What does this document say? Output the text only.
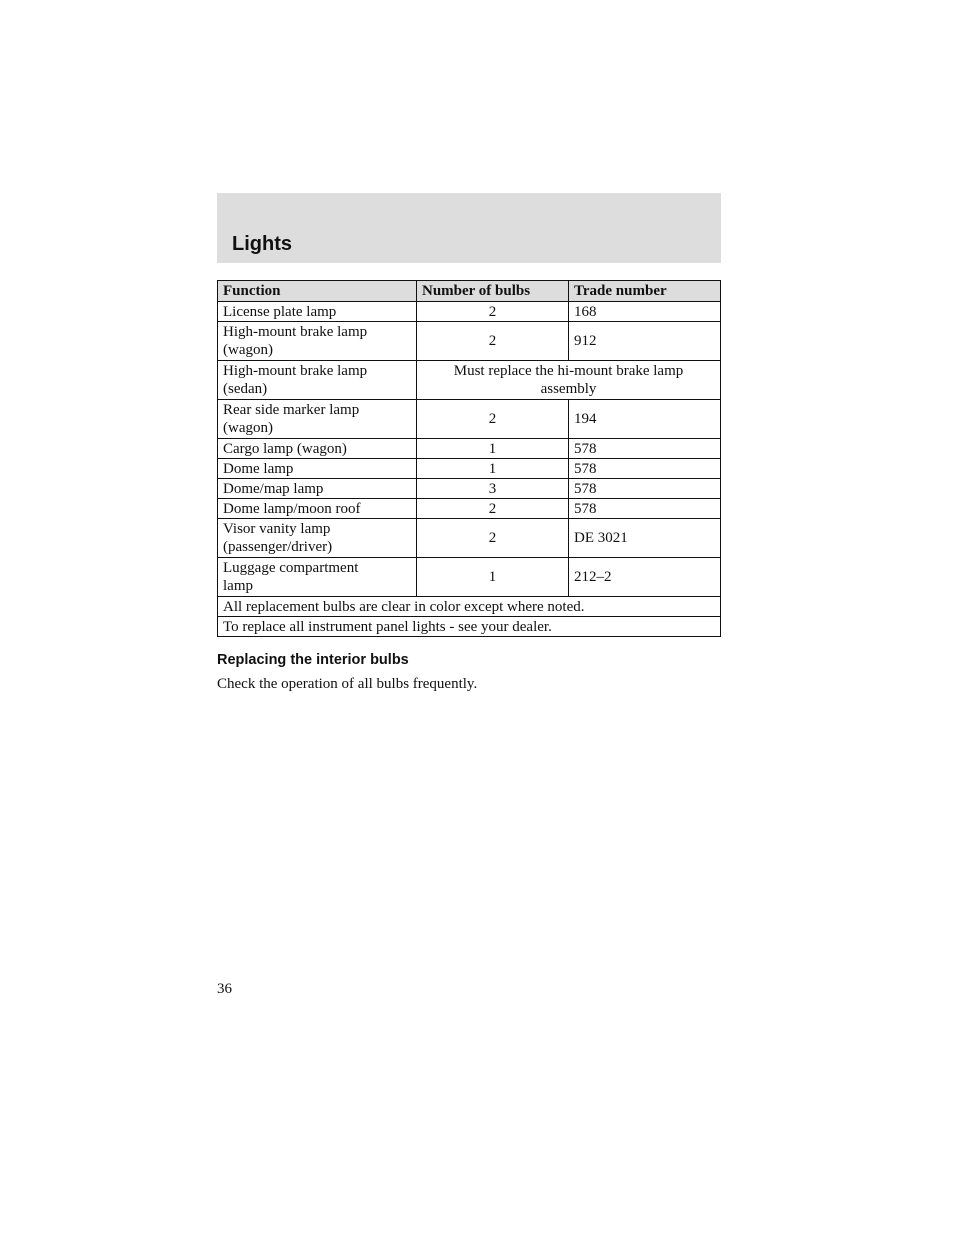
Lights
Function	Number of bulbs	Trade number
License plate lamp	2	168
High-mount brake lamp
(wagon)	2	912
High-mount brake lamp
(sedan)	Must replace the hi-mount brake lamp
assembly	
Rear side marker lamp
(wagon)	2	194
Cargo lamp (wagon)	1	578
Dome lamp	1	578
Dome/map lamp	3	578
Dome lamp/moon roof	2	578
Visor vanity lamp
(passenger/driver)	2	DE 3021
Luggage compartment
lamp	1	212–2
All replacement bulbs are clear in color except where noted.		
To replace all instrument panel lights - see your dealer.		
Replacing the interior bulbs
Check the operation of all bulbs frequently.
36
